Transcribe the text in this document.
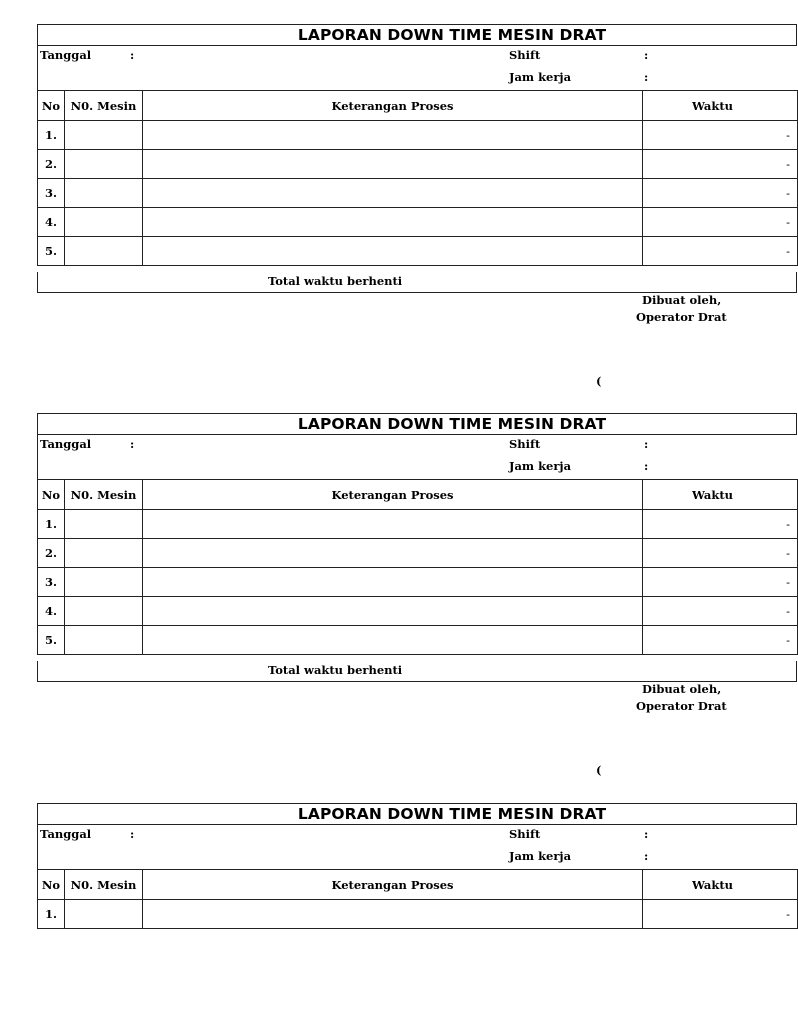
LAPORAN DOWN TIME MESIN DRAT
Tanggal	:	Shift	:
Jam kerja	:
No	N0. Mesin	Keterangan Proses	Waktu
1.			-
2.			-
3.			-
4.			-
5.			-
Total waktu berhenti
Dibuat oleh,
Operator Drat
(
LAPORAN DOWN TIME MESIN DRAT
Tanggal	:	Shift	:
Jam kerja	:
No	N0. Mesin	Keterangan Proses	Waktu
1.			-
2.			-
3.			-
4.			-
5.			-
Total waktu berhenti
Dibuat oleh,
Operator Drat
(
LAPORAN DOWN TIME MESIN DRAT
Tanggal	:	Shift	:
Jam kerja	:
No	N0. Mesin	Keterangan Proses	Waktu
1.			-
